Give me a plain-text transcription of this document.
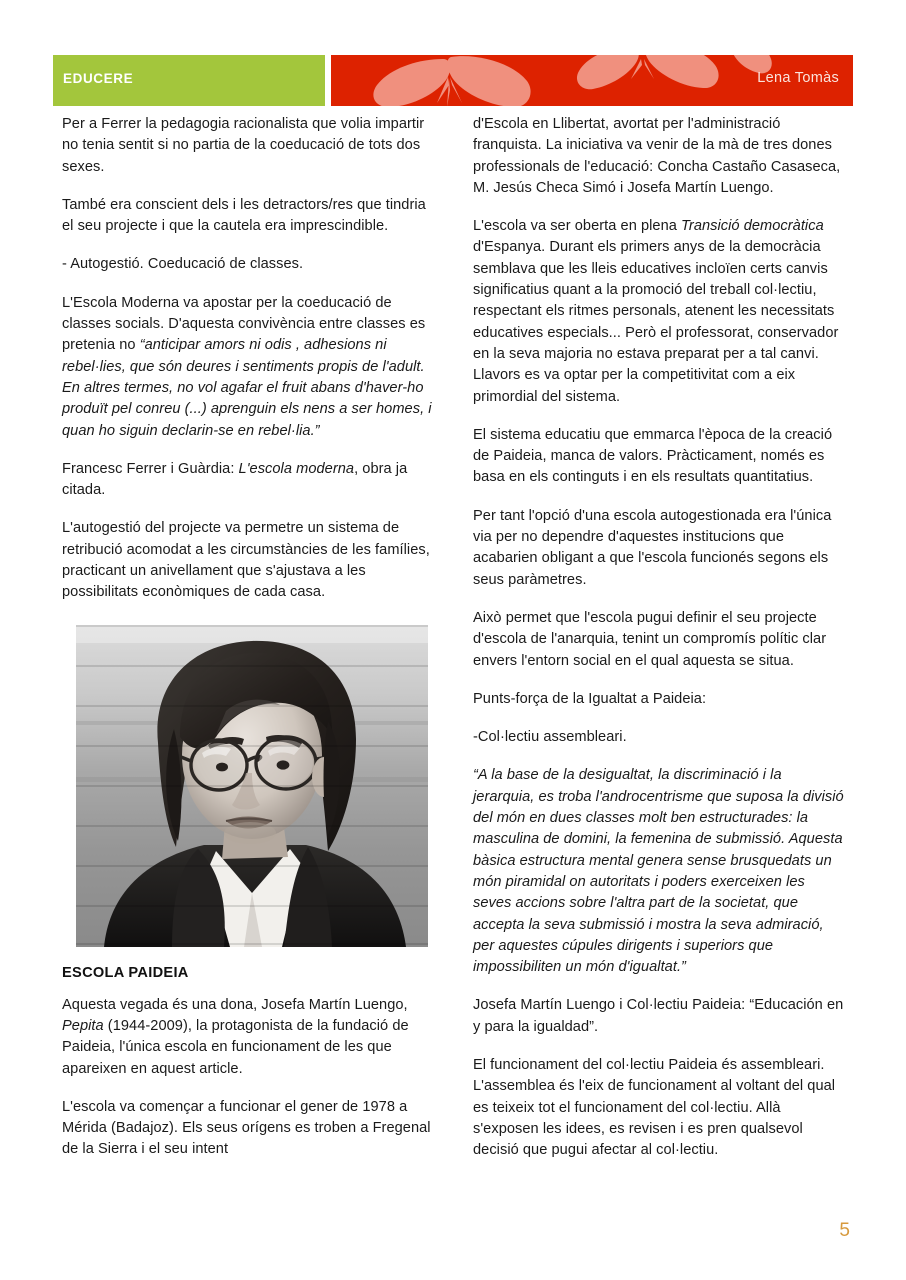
EDUCERE	Lena Tomàs

Per a Ferrer la pedagogia racionalista que volia impartir no tenia sentit si no partia de la coeducació de tots dos sexes.

També era conscient dels i les detractors/res que tindria el seu projecte i que la cautela era imprescindible.

- Autogestió. Coeducació de classes.

L'Escola Moderna va apostar per la coeducació de classes socials. D'aquesta convivència entre classes es pretenia no “anticipar amors ni odis , adhesions ni rebel·lies, que són deures i sentiments propis de l'adult. En altres termes, no vol agafar el fruit abans d'haver-ho produït pel conreu (...) aprenguin els nens a ser homes, i quan ho siguin declarin-se en rebel·lia.”

Francesc Ferrer i Guàrdia: L'escola moderna, obra ja citada.

L'autogestió del projecte va permetre un sistema de retribució acomodat a les circumstàncies de les famílies, practicant un anivellament que s'ajustava a les possibilitats econòmiques de cada casa.

ESCOLA PAIDEIA

Aquesta vegada és una dona, Josefa Martín Luengo, Pepita (1944-2009), la protagonista de la fundació de Paideia, l'única escola en funcionament de les que apareixen en aquest article.

L'escola va començar a funcionar el gener de 1978 a Mérida (Badajoz). Els seus orígens es troben a Fregenal de la Sierra i el seu intent

d'Escola en Llibertat, avortat per l'administració franquista. La iniciativa va venir de la mà de tres dones professionals de l'educació: Concha Castaño Casaseca, M. Jesús Checa Simó i Josefa Martín Luengo.

L'escola va ser oberta en plena Transició democràtica d'Espanya. Durant els primers anys de la democràcia semblava que les lleis educatives incloïen certs canvis significatius quant a la promoció del treball col·lectiu, respectant els ritmes personals, atenent les necessitats educatives especials... Però el professorat, conservador en la seva majoria no estava preparat per a tal canvi. Llavors es va optar per la competitivitat com a eix primordial del sistema.

El sistema educatiu que emmarca l'època de la creació de Paideia, manca de valors. Pràcticament, només es basa en els continguts i en els resultats quantitatius.

Per tant l'opció d'una escola autogestionada era l'única via per no dependre d'aquestes institucions que acabarien obligant a que l'escola funcionés segons els seus paràmetres.

Això permet que l'escola pugui definir el seu projecte d'escola de l'anarquia, tenint un compromís polític clar envers l'entorn social en el qual aquesta se situa.

Punts-força de la Igualtat a Paideia:

-Col·lectiu assembleari.

“A la base de la desigualtat, la discriminació i la jerarquia, es troba l'androcentrisme que suposa la divisió del món en dues classes molt ben estructurades: la masculina de domini, la femenina de submissió. Aquesta bàsica estructura mental genera sense brusquedats un món piramidal on autoritats i poders exerceixen les seves accions sobre l'altra part de la societat, que accepta la seva submissió i mostra la seva admiració, per aquestes cúpules dirigents i superiors que impossibiliten un món d'igualtat.”

Josefa Martín Luengo i Col·lectiu Paideia: “Educación en y para la igualdad”.

El funcionament del col·lectiu Paideia és assembleari. L'assemblea és l'eix de funcionament al voltant del qual es teixeix tot el funcionament del col·lectiu. Allà s'exposen les idees, es revisen i es pren qualsevol decisió que pugui afectar al col·lectiu.

5
